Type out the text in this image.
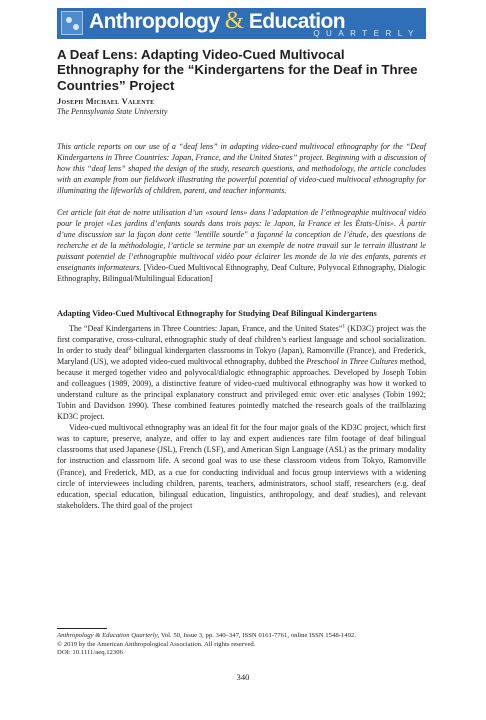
Anthropology & Education
QUARTERLY
A Deaf Lens: Adapting Video-Cued Multivocal Ethnography for the “Kindergartens for the Deaf in Three Countries” Project
Joseph Michael Valente
The Pennsylvania State University
This article reports on our use of a “deaf lens” in adapting video-cued multivocal ethnography for the “Deaf Kindergartens in Three Countries: Japan, France, and the United States” project. Beginning with a discussion of how this “deaf lens” shaped the design of the study, research questions, and methodology, the article concludes with an example from our fieldwork illustrating the powerful potential of video-cued multivocal ethnography for illuminating the lifeworlds of children, parent, and teacher informants.
Cet article fait état de notre utilisation d’un «sourd lens» dans l’adaptation de l’ethnographie multivocal vidéo pour le projet «Les jardins d’enfants sourds dans trois pays: le Japon, la France et les États-Unis». À partir d’une discussion sur la façon dont cette "lentille sourde" a façonné la conception de l’étude, des questions de recherche et de la méthodologie, l’article se termine par un exemple de notre travail sur le terrain illustrant le puissant potentiel de l’ethnographie multivocal vidéo pour éclairer les monde de la vie des enfants, parents et enseignants informateurs. [Video-Cued Multivocal Ethnography, Deaf Culture, Polyvocal Ethnography, Dialogic Ethnography, Bilingual/Multilingual Education]
Adapting Video-Cued Multivocal Ethnography for Studying Deaf Bilingual Kindergartens

The “Deaf Kindergartens in Three Countries: Japan, France, and the United States”$^1$ (KD3C) project was the first comparative, cross-cultural, ethnographic study of deaf children’s earliest language and school socialization. In order to study deaf$^2$ bilingual kindergarten classrooms in Tokyo (Japan), Ramonville (France), and Frederick, Maryland (US), we adopted video-cued multivocal ethnography, dubbed the Preschool in Three Cultures method, because it merged together video and polyvocal/dialogic ethnographic approaches. Developed by Joseph Tobin and colleagues (1989, 2009), a distinctive feature of video-cued multivocal ethnography was how it worked to understand culture as the principal explanatory construct and privileged emic over etic analyses (Tobin 1992; Tobin and Davidson 1990). These combined features pointedly matched the research goals of the trailblazing KD3C project.

Video-cued multivocal ethnography was an ideal fit for the four major goals of the KD3C project, which first was to capture, preserve, analyze, and offer to lay and expert audiences rare film footage of deaf bilingual classrooms that used Japanese (JSL), French (LSF), and American Sign Language (ASL) as the primary modality for instruction and classroom life. A second goal was to use these classroom videos from Tokyo, Ramonville (France), and Frederick, MD, as a cue for conducting individual and focus group interviews with a widening circle of interviewees including children, parents, teachers, administrators, school staff, researchers (e.g. deaf education, special education, bilingual education, linguistics, anthropology, and deaf studies), and relevant stakeholders. The third goal of the project

Anthropology & Education Quarterly, Vol. 50, Issue 3, pp. 340–347, ISSN 0161-7761, online ISSN 1548-1492.
© 2019 by the American Anthropological Association. All rights reserved.
DOI: 10.1111/aeq.12306
340
